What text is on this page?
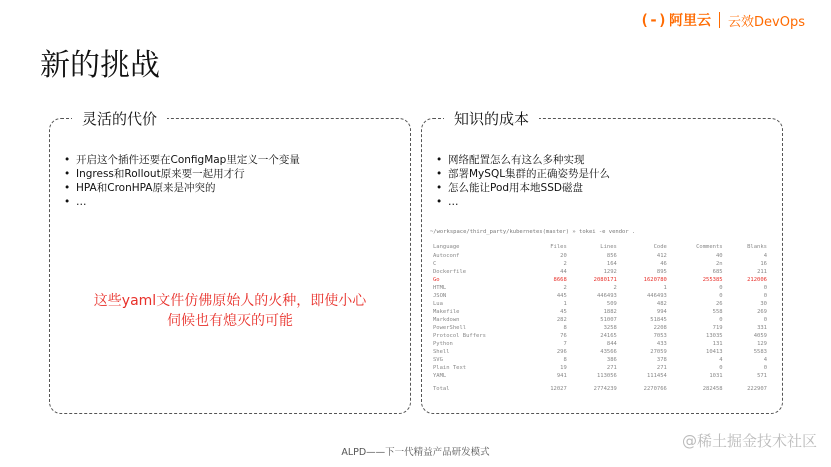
(-) 阿里云 云效DevOps
新的挑战
灵活的代价
• 开启这个插件还要在ConfigMap里定义一个变量
• Ingress和Rollout原来要一起用才行
• HPA和CronHPA原来是冲突的
• …
这些yaml文件仿佛原始人的火种，即使小心
伺候也有熄灭的可能
知识的成本
• 网络配置怎么有这么多种实现
• 部署MySQL集群的正确姿势是什么
• 怎么能让Pod用本地SSD磁盘
• …
~/workspace/third_party/kubernetes(master) » tokei -e vendor .
Language	Files	Lines	Code	Comments	Blanks
Autoconf	20	856	412	40	4
C	2	164	46	2n	16
Dockerfile	44	1292	895	685	211
Go	8668	2080171	1620780	255385	212006
HTML	2	2	1	0	0
JSON	445	446493	446493	0	0
Lua	1	509	482	26	30
Makefile	45	1882	994	558	269
Markdown	282	51007	51845	0	0
PowerShell	8	3258	2208	719	331
Protocol Buffers	76	24165	7053	13035	4059
Python	7	844	433	131	129
Shell	296	43566	27059	10413	5583
SVG	8	386	378	4	4
Plain Text	19	271	271	0	0
YAML	941	113056	111454	1031	571
Total	12027	2774239	2270766	282458	222907
ALPD——下一代精益产品研发模式
@稀土掘金技术社区
